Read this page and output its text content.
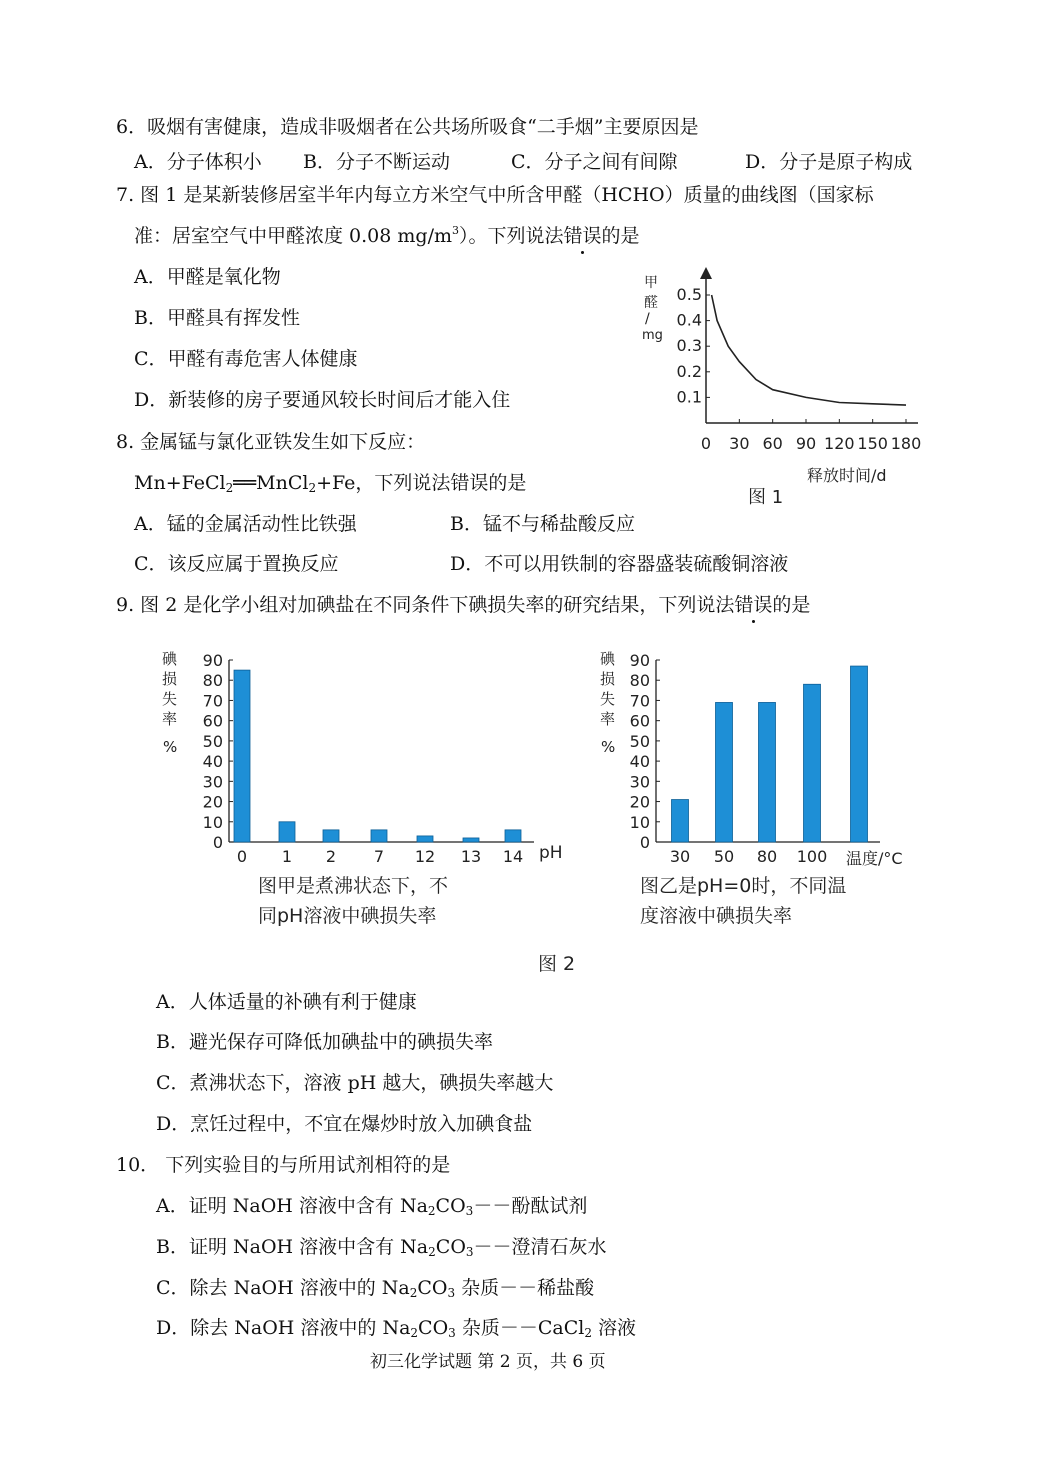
6．吸烟有害健康，造成非吸烟者在公共场所吸食“二手烟”主要原因是
A．分子体积小 B．分子不断运动	C．分子之间有间隙	D．分子是原子构成
7. 图 1 是某新装修居室半年内每立方米空气中所含甲醛（HCHO）质量的曲线图（国家标
准：居室空气中甲醛浓度 0.08 $mg/m^3$）。下列说法错误的是
A．甲醛是氧化物
B．甲醛具有挥发性
C．甲醛有毒危害人体健康
D．新装修的房子要通风较长时间后才能入住	0.1
0.2
0.3
0.4
0.5
0 30 60 90 120 150 180
甲
醛
/
mg
释放时间/d
图 1
8. 金属锰与氯化亚铁发生如下反应：
Mn+FeCl$_2$══MnCl$_2$+Fe，下列说法错误的是
A．锰的金属活动性比铁强	B．锰不与稀盐酸反应
C．该反应属于置换反应	D．不可以用铁制的容器盛装硫酸铜溶液
9. 图 2 是化学小组对加碘盐在不同条件下碘损失率的研究结果，下列说法错误的是
碘
损
失
率
%
0
10
20
30
40
50
60
70
80
90
0 1 2 7 12 13 14 pH
图甲是煮沸状态下，不
同pH溶液中碘损失率
碘
损
失
率
%
0
10
20
30
40
50
60
70
80
90
30 50 80 100 温度/°C
图乙是pH=0时，不同温
度溶液中碘损失率
图 2
A．人体适量的补碘有利于健康
B．避光保存可降低加碘盐中的碘损失率
C．煮沸状态下，溶液 pH 越大，碘损失率越大
D．烹饪过程中，不宜在爆炒时放入加碘食盐
10． 下列实验目的与所用试剂相符的是
A．证明 NaOH 溶液中含有 $Na_2CO_3--$酚酞试剂
B．证明 NaOH 溶液中含有 $Na_2CO_3--$澄清石灰水
C．除去 NaOH 溶液中的 $Na_2CO_3$ 杂质－－稀盐酸
D．除去 NaOH 溶液中的 $Na_2CO_3$ 杂质－－CaCl$_2$ 溶液
初三化学试题 第 2 页，共 6 页
